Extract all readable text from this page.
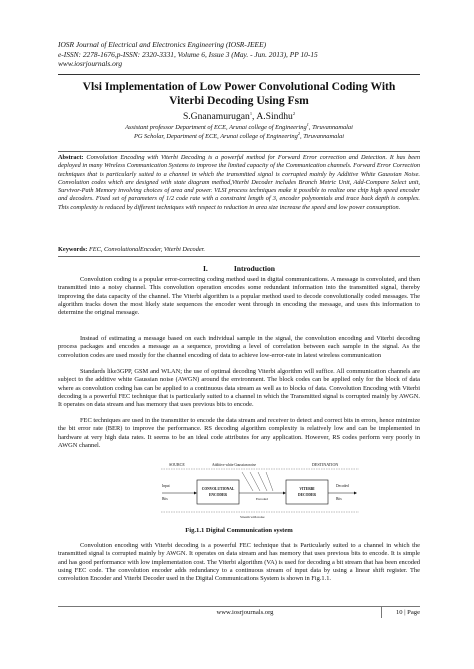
IOSR Journal of Electrical and Electronics Engineering (IOSR-JEEE)
e-ISSN: 2278-1676,p-ISSN: 2320-3331, Volume 6, Issue 3 (May. - Jun. 2013), PP 10-15
www.iosrjournals.org
Vlsi Implementation of Low Power Convolutional Coding With
Viterbi Decoding Using Fsm
S.Gnanamurugan$^1$, A.Sindhu$^2$
Assistant professor Department of ECE, Arunai college of Engineering$^1$, Tiruvannamalai
PG Scholar, Department of ECE, Arunai college of Engineering$^2$, Tiruvannamalai
Abstract: Convolution Encoding with Viterbi Decoding is a powerful method for Forward Error correction and Detection. It has been deployed in many Wireless Communication Systems to improve the limited capacity of the Communication channels. Forward Error Correction techniques that is particularly suited to a channel in which the transmitted signal is corrupted mainly by Additive White Gaussian Noise. Convolution codes which are designed with state diagram method,Viterbi Decoder includes Branch Metric Unit, Add-Compare Select unit, Survivor-Path Memory involving choices of area and power. VLSI process techniques make it possible to realize one chip high speed encoder and decoders. Fixed set of parameters of 1/2 code rate with a constraint length of 3, encoder polynomials and trace back depth is complex. This complexity is reduced by different techniques with respect to reduction in area size increase the speed and low power consumption.
Keywords: FEC, ConvolutionalEncoder, Viterbi Decoder.
I.	Introduction
Convolution coding is a popular error-correcting coding method used in digital communications. A message is convoluted, and then transmitted into a noisy channel. This convolution operation encodes some redundant information into the transmitted signal, thereby improving the data capacity of the channel. The Viterbi algorithm is a popular method used to decode convolutionally coded messages. The algorithm tracks down the most likely state sequences the encoder went through in encoding the message, and uses this information to determine the original message.
Instead of estimating a message based on each individual sample in the signal, the convolution encoding and Viterbi decoding process packages and encodes a message as a sequence, providing a level of correlation between each sample in the signal. As the convolution codes are used mostly for the channel encoding of data to achieve low-error-rate in latest wireless communication
Standards like3GPP, GSM and WLAN; the use of optimal decoding Viterbi algorithm will suffice. All communication channels are subject to the additive white Gaussian noise (AWGN) around the environment. The block codes can be applied only for the block of data where as convolution coding has can be applied to a continuous data stream as well as to blocks of data. Convolution Encoding with Viterbi decoding is a powerful FEC technique that is particularly suited to a channel in which the Transmitted signal is corrupted mainly by AWGN. It operates on data stream and has memory that uses previous bits to encode.
FEC techniques are used in the transmitter to encode the data stream and receiver to detect and correct bits in errors, hence minimize the bit error rate (BER) to improve the performance. RS decoding algorithm complexity is relatively low and can be implemented in hardware at very high data rates. It seems to be an ideal code attributes for any application. However, RS codes perform very poorly in AWGN channel.
SOURCE	Additive white Gaussian noise	DESTINATION
Input
Bits
CONVOLUTIONAL
ENCODER
Encoded
VITERBI
DECODER
Decoded
Bits
Stream with noise
Fig.1.1 Digital Communication system
Convolution encoding with Viterbi decoding is a powerful FEC technique that is Particularly suited to a channel in which the transmitted signal is corrupted mainly by AWGN. It operates on data stream and has memory that uses previous bits to encode. It is simple and has good performance with low implementation cost. The Viterbi algorithm (VA) is used for decoding a bit stream that has been encoded using FEC code. The convolution encoder adds redundancy to a continuous stream of input data by using a linear shift register. The convolution Encoder and Viterbi Decoder used in the Digital Communications System is shown in Fig.1.1.
www.iosrjournals.org	10 | Page
